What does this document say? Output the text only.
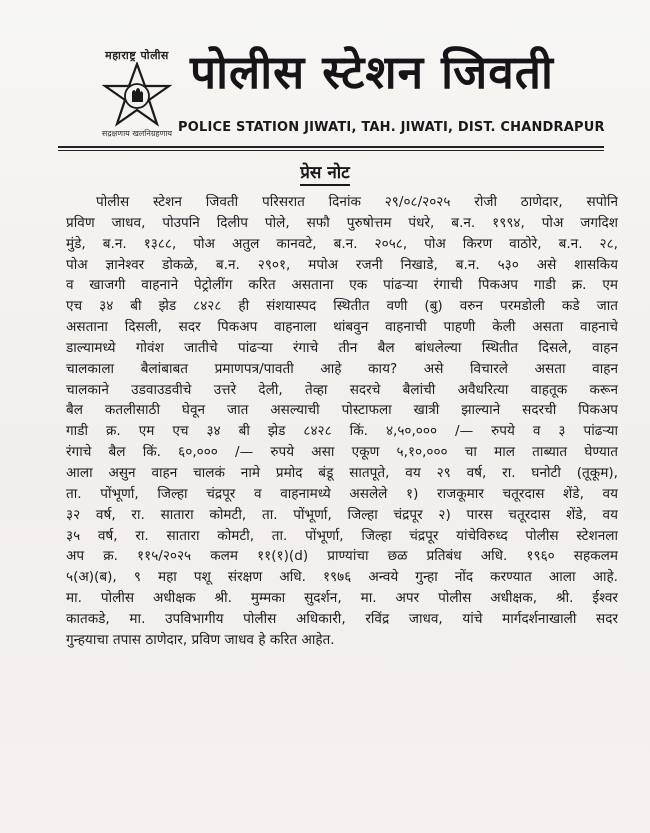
महाराष्ट्र पोलीस
सद्रक्षणाय खलनिग्रहणाय
पोलीस स्टेशन जिवती
POLICE STATION JIWATI, TAH. JIWATI, DIST. CHANDRAPUR
प्रेस नोट
पोलीस स्टेशन जिवती परिसरात दिनांक २९/०८/२०२५ रोजी ठाणेदार, सपोनि
प्रविण जाधव, पोउपनि दिलीप पोले, सफौ पुरुषोत्तम पंधरे, ब.न. १९९४, पोअ जगदिश
मुंडे, ब.न. १३८८, पोअ अतुल कानवटे, ब.न. २०५८, पोअ किरण वाठोरे, ब.न. २८,
पोअ ज्ञानेश्वर डोकळे, ब.न. २९०१, मपोअ रजनी निखाडे, ब.न. ५३० असे शासकिय
व खाजगी वाहनाने पेट्रोलींग करित असताना एक पांढऱ्या रंगाची पिकअप गाडी क्र. एम
एच ३४ बी झेड ८४२८ ही संशयास्पद स्थितीत वणी (बु) वरुन परमडोली कडे जात
असताना दिसली, सदर पिकअप वाहनाला थांबवुन वाहनाची पाहणी केली असता वाहनाचे
डाल्यामध्ये गोवंश जातीचे पांढऱ्या रंगाचे तीन बैल बांधलेल्या स्थितीत दिसले, वाहन
चालकाला बैलांबाबत प्रमाणपत्र/पावती आहे काय? असे विचारले असता वाहन
चालकाने उडवाउडवीचे उत्तरे देली, तेव्हा सदरचे बैलांची अवैधरित्या वाहतूक करून
बैल कतलीसाठी घेवून जात असल्याची पोस्टाफला खात्री झाल्याने सदरची पिकअप
गाडी क्र. एम एच ३४ बी झेड ८४२८ किं. ४,५०,००० /— रुपये व ३ पांढऱ्या
रंगाचे बैल किं. ६०,००० /— रुपये असा एकूण ५,१०,००० चा माल ताब्यात घेण्यात
आला असुन वाहन चालकं नामे प्रमोद बंडू सातपूते, वय २९ वर्ष, रा. घनोटी (तूकूम),
ता. पोंभूर्णा, जिल्हा चंद्रपूर व वाहनामध्ये असलेले १) राजकूमार चतूरदास शेंडे, वय
३२ वर्ष, रा. सातारा कोमटी, ता. पोंभूर्णा, जिल्हा चंद्रपूर २) पारस चतूरदास शेंडे, वय
३५ वर्ष, रा. सातारा कोमटी, ता. पोंभूर्णा, जिल्हा चंद्रपूर यांचेविरुध्द पोलीस स्टेशनला
अप क्र. ११५/२०२५ कलम ११(१)(d) प्राण्यांचा छळ प्रतिबंध अधि. १९६० सहकलम
५(अ)(ब), ९ महा पशू संरक्षण अधि. १९७६ अन्वये गुन्हा नोंद करण्यात आला आहे.
मा. पोलीस अधीक्षक श्री. मुम्मका सुदर्शन, मा. अपर पोलीस अधीक्षक, श्री. ईश्वर
कातकडे, मा. उपविभागीय पोलीस अधिकारी, रविंद्र जाधव, यांचे मार्गदर्शनाखाली सदर
गुन्हयाचा तपास ठाणेदार, प्रविण जाधव हे करित आहेत.
